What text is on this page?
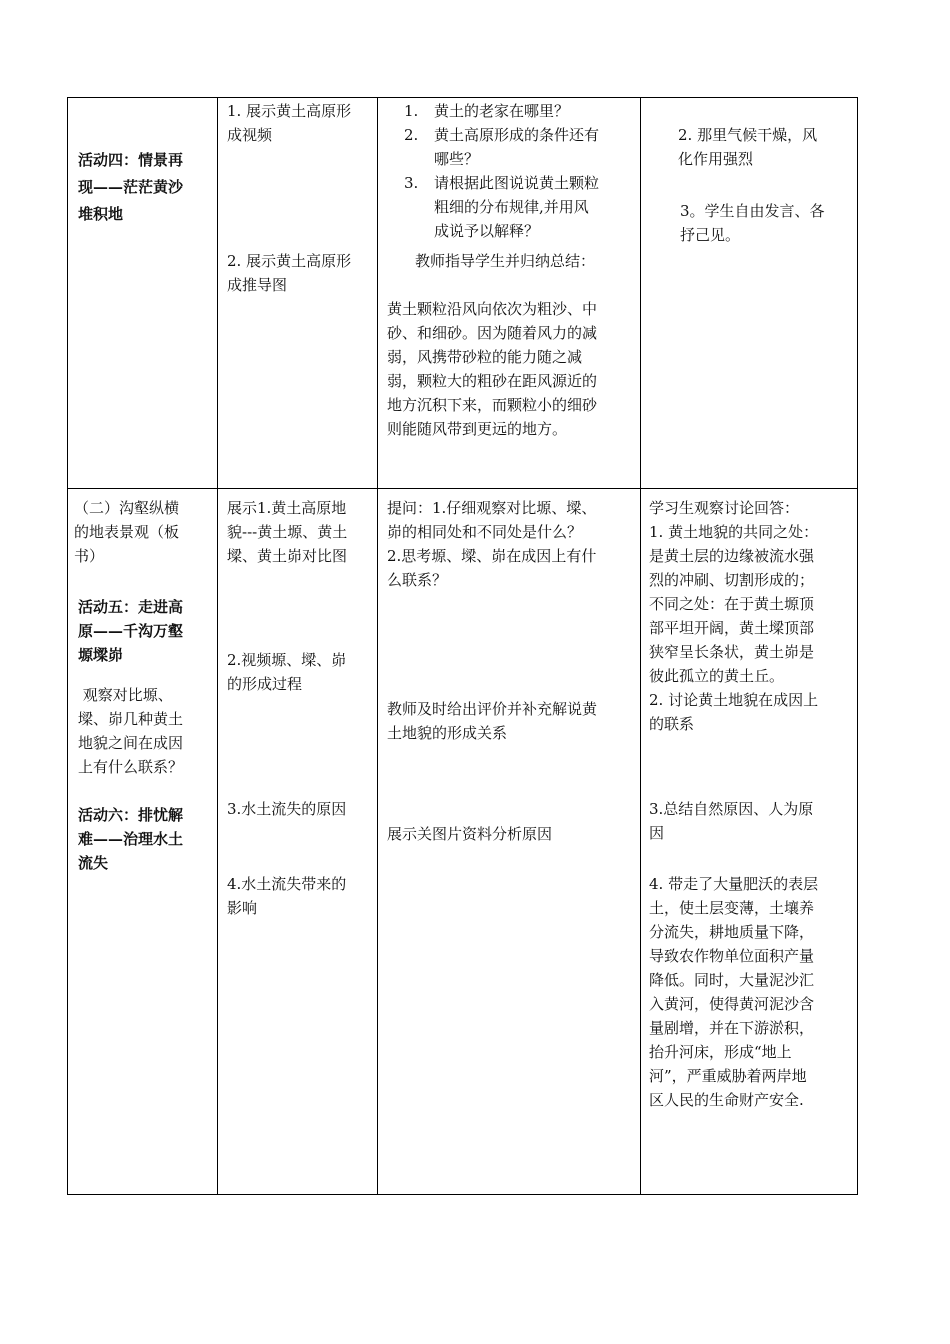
活动四：情景再
现——茫茫黄沙
堆积地
1. 展示黄土高原形
成视频
2. 展示黄土高原形
成推导图
1. 黄土的老家在哪里？
2. 黄土高原形成的条件还有
哪些？
3. 请根据此图说说黄土颗粒
粗细的分布规律,并用风
成说予以解释？
教师指导学生并归纳总结：
黄土颗粒沿风向依次为粗沙、中
砂、和细砂。因为随着风力的减
弱，风携带砂粒的能力随之减
弱，颗粒大的粗砂在距风源近的
地方沉积下来，而颗粒小的细砂
则能随风带到更远的地方。
2. 那里气候干燥，风
化作用强烈
3。学生自由发言、各
抒己见。
（二）沟壑纵横
的地表景观（板
书）
活动五：走进高
原——千沟万壑
塬墚峁
观察对比塬、
墚、峁几种黄土
地貌之间在成因
上有什么联系？
活动六：排忧解
难——治理水土
流失
展示1.黄土高原地
貌---黄土塬、黄土
墚、黄土峁对比图
2.视频塬、墚、峁
的形成过程
3.水土流失的原因
4.水土流失带来的
影响
提问：1.仔细观察对比塬、墚、
峁的相同处和不同处是什么？
2.思考塬、墚、峁在成因上有什
么联系？
教师及时给出评价并补充解说黄
土地貌的形成关系
展示关图片资料分析原因
学习生观察讨论回答：
1. 黄土地貌的共同之处：
是黄土层的边缘被流水强
烈的冲刷、切割形成的；
不同之处：在于黄土塬顶
部平坦开阔，黄土墚顶部
狭窄呈长条状，黄土峁是
彼此孤立的黄土丘。
2. 讨论黄土地貌在成因上
的联系
3.总结自然原因、人为原
因
4. 带走了大量肥沃的表层
土，使土层变薄，土壤养
分流失，耕地质量下降，
导致农作物单位面积产量
降低。同时，大量泥沙汇
入黄河，使得黄河泥沙含
量剧增，并在下游淤积，
抬升河床，形成“地上
河”，严重威胁着两岸地
区人民的生命财产安全.
